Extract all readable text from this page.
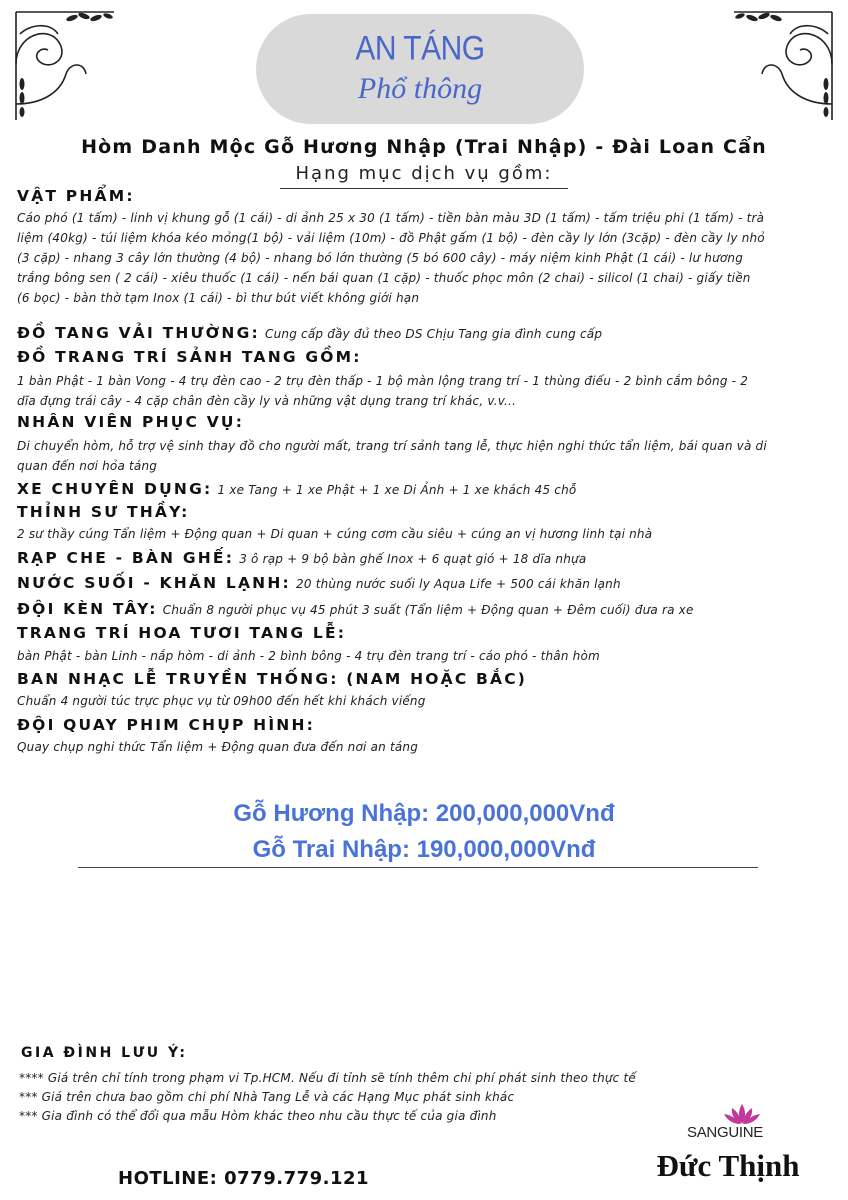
AN TÁNG
Phổ thông
Hòm Danh Mộc Gỗ Hương Nhập (Trai Nhập) - Đài Loan Cẩn
Hạng mục dịch vụ gồm:
VẬT PHẨM:
Cáo phó (1 tấm) - linh vị khung gỗ (1 cái) - di ảnh 25 x 30 (1 tấm) - tiền bàn màu 3D (1 tấm) - tấm triệu phi (1 tấm) - trà
liệm (40kg) - túi liệm khóa kéo mỏng(1 bộ) - vải liệm (10m) - đồ Phật gấm (1 bộ) - đèn cầy ly lớn (3cặp) - đèn cầy ly nhỏ
(3 cặp) - nhang 3 cây lớn thường (4 bộ) - nhang bó lớn thường (5 bó 600 cây) - máy niệm kinh Phật (1 cái) - lư hương
trắng bông sen ( 2 cái) - xiêu thuốc (1 cái) - nến bái quan (1 cặp) - thuốc phọc môn (2 chai) - silicol (1 chai) - giấy tiền
(6 bọc) - bàn thờ tạm Inox (1 cái) - bì thư bút viết không giới hạn
ĐỒ TANG VẢI THƯỜNG: Cung cấp đầy đủ theo DS Chịu Tang gia đình cung cấp
ĐỒ TRANG TRÍ SẢNH TANG GỒM:
1 bàn Phật - 1 bàn Vong - 4 trụ đèn cao - 2 trụ đèn thấp - 1 bộ màn lộng trang trí - 1 thùng điếu - 2 bình cắm bông - 2
dĩa đựng trái cây - 4 cặp chân đèn cầy ly và những vật dụng trang trí khác, v.v...
NHÂN VIÊN PHỤC VỤ:
Di chuyển hòm, hỗ trợ vệ sinh thay đồ cho người mất, trang trí sảnh tang lễ, thực hiện nghi thức tẩn liệm, bái quan và di
quan đến nơi hỏa táng
XE CHUYÊN DỤNG: 1 xe Tang + 1 xe Phật + 1 xe Di Ảnh + 1 xe khách 45 chỗ
THỈNH SƯ THẦY:
2 sư thầy cúng Tẩn liệm + Động quan + Di quan + cúng cơm cầu siêu + cúng an vị hương linh tại nhà
RẠP CHE - BÀN GHẾ: 3 ô rạp + 9 bộ bàn ghế Inox + 6 quạt gió + 18 dĩa nhựa
NƯỚC SUỐI - KHĂN LẠNH: 20 thùng nước suối ly Aqua Life + 500 cái khăn lạnh
ĐỘI KÈN TÂY: Chuẩn 8 người phục vụ 45 phút 3 suất (Tẩn liệm + Động quan + Đêm cuối) đưa ra xe
TRANG TRÍ HOA TƯƠI TANG LỄ:
bàn Phật - bàn Linh - nắp hòm - di ảnh - 2 bình bông - 4 trụ đèn trang trí - cáo phó - thân hòm
BAN NHẠC LỄ TRUYỀN THỐNG: (NAM HOẶC BẮC)
Chuẩn 4 người túc trực phục vụ từ 09h00 đến hết khi khách viếng
ĐỘI QUAY PHIM CHỤP HÌNH:
Quay chụp nghi thức Tẩn liệm + Động quan đưa đến nơi an táng
Gỗ Hương Nhập: 200,000,000Vnđ
Gỗ Trai Nhập: 190,000,000Vnđ
GIA ĐÌNH LƯU Ý:
**** Giá trên chỉ tính trong phạm vi Tp.HCM. Nếu đi tỉnh sẽ tính thêm chi phí phát sinh theo thực tế
*** Giá trên chưa bao gồm chi phí Nhà Tang Lễ và các Hạng Mục phát sinh khác
*** Gia đình có thể đổi qua mẫu Hòm khác theo nhu cầu thực tế của gia đình
HOTLINE: 0779.779.121
SANGUINE
Đức Thịnh
